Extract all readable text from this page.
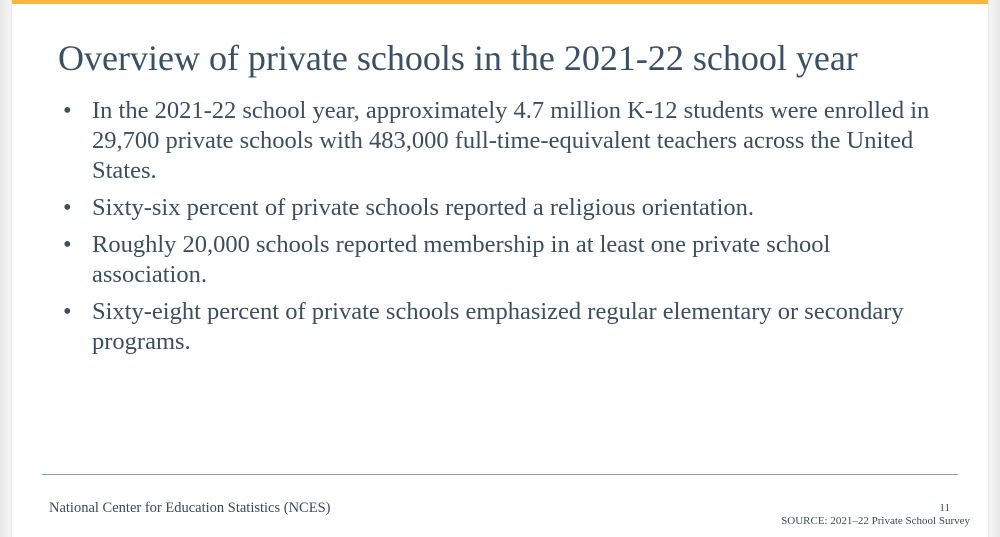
Overview of private schools in the 2021-22 school year
• In the 2021-22 school year, approximately 4.7 million K-12 students were enrolled in 29,700 private schools with 483,000 full-time-equivalent teachers across the United States.
• Sixty-six percent of private schools reported a religious orientation.
• Roughly 20,000 schools reported membership in at least one private school association.
• Sixty-eight percent of private schools emphasized regular elementary or secondary programs.
National Center for Education Statistics (NCES)	11
SOURCE: 2021–22 Private School Survey
